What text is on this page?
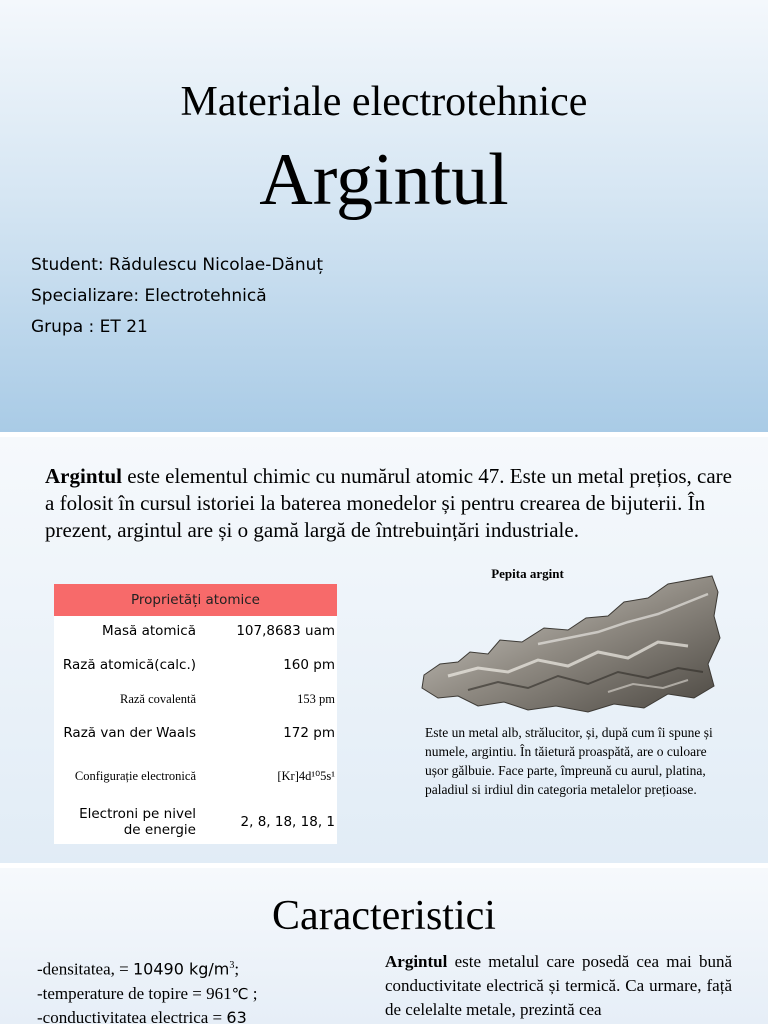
Materiale electrotehnice
Argintul
Student: Rădulescu Nicolae-Dănuț
Specializare: Electrotehnică
Grupa : ET 21
Argintul este elementul chimic cu numărul atomic 47. Este un metal prețios, care a folosit în cursul istoriei la baterea monedelor și pentru crearea de bijuterii. În prezent, argintul are și o gamă largă de întrebuințări industriale.
Proprietăți atomice	
Masă atomică	107,8683 uam
Rază atomică(calc.)	160 pm
Rază covalentă	153 pm
Rază van der Waals	172 pm
Configurație electronică	[Kr]4d¹⁰5s¹
Electroni pe nivel de energie	2, 8, 18, 18, 1
Pepita argint
Este un metal alb, strălucitor, și, după cum îi spune și numele, argintiu. În tăietură proaspătă, are o culoare ușor gălbuie. Face parte, împreună cu aurul, platina, paladiul si irdiul din categoria metalelor prețioase.
Caracteristici
-densitatea, = 10490 $kg/m^3$;
-temperature de topire = 961℃ ;
-conductivitatea electrica = 63
Argintul este metalul care posedă cea mai bună conductivitate electrică și termică. Ca urmare, față de celelalte metale, prezintă cea
